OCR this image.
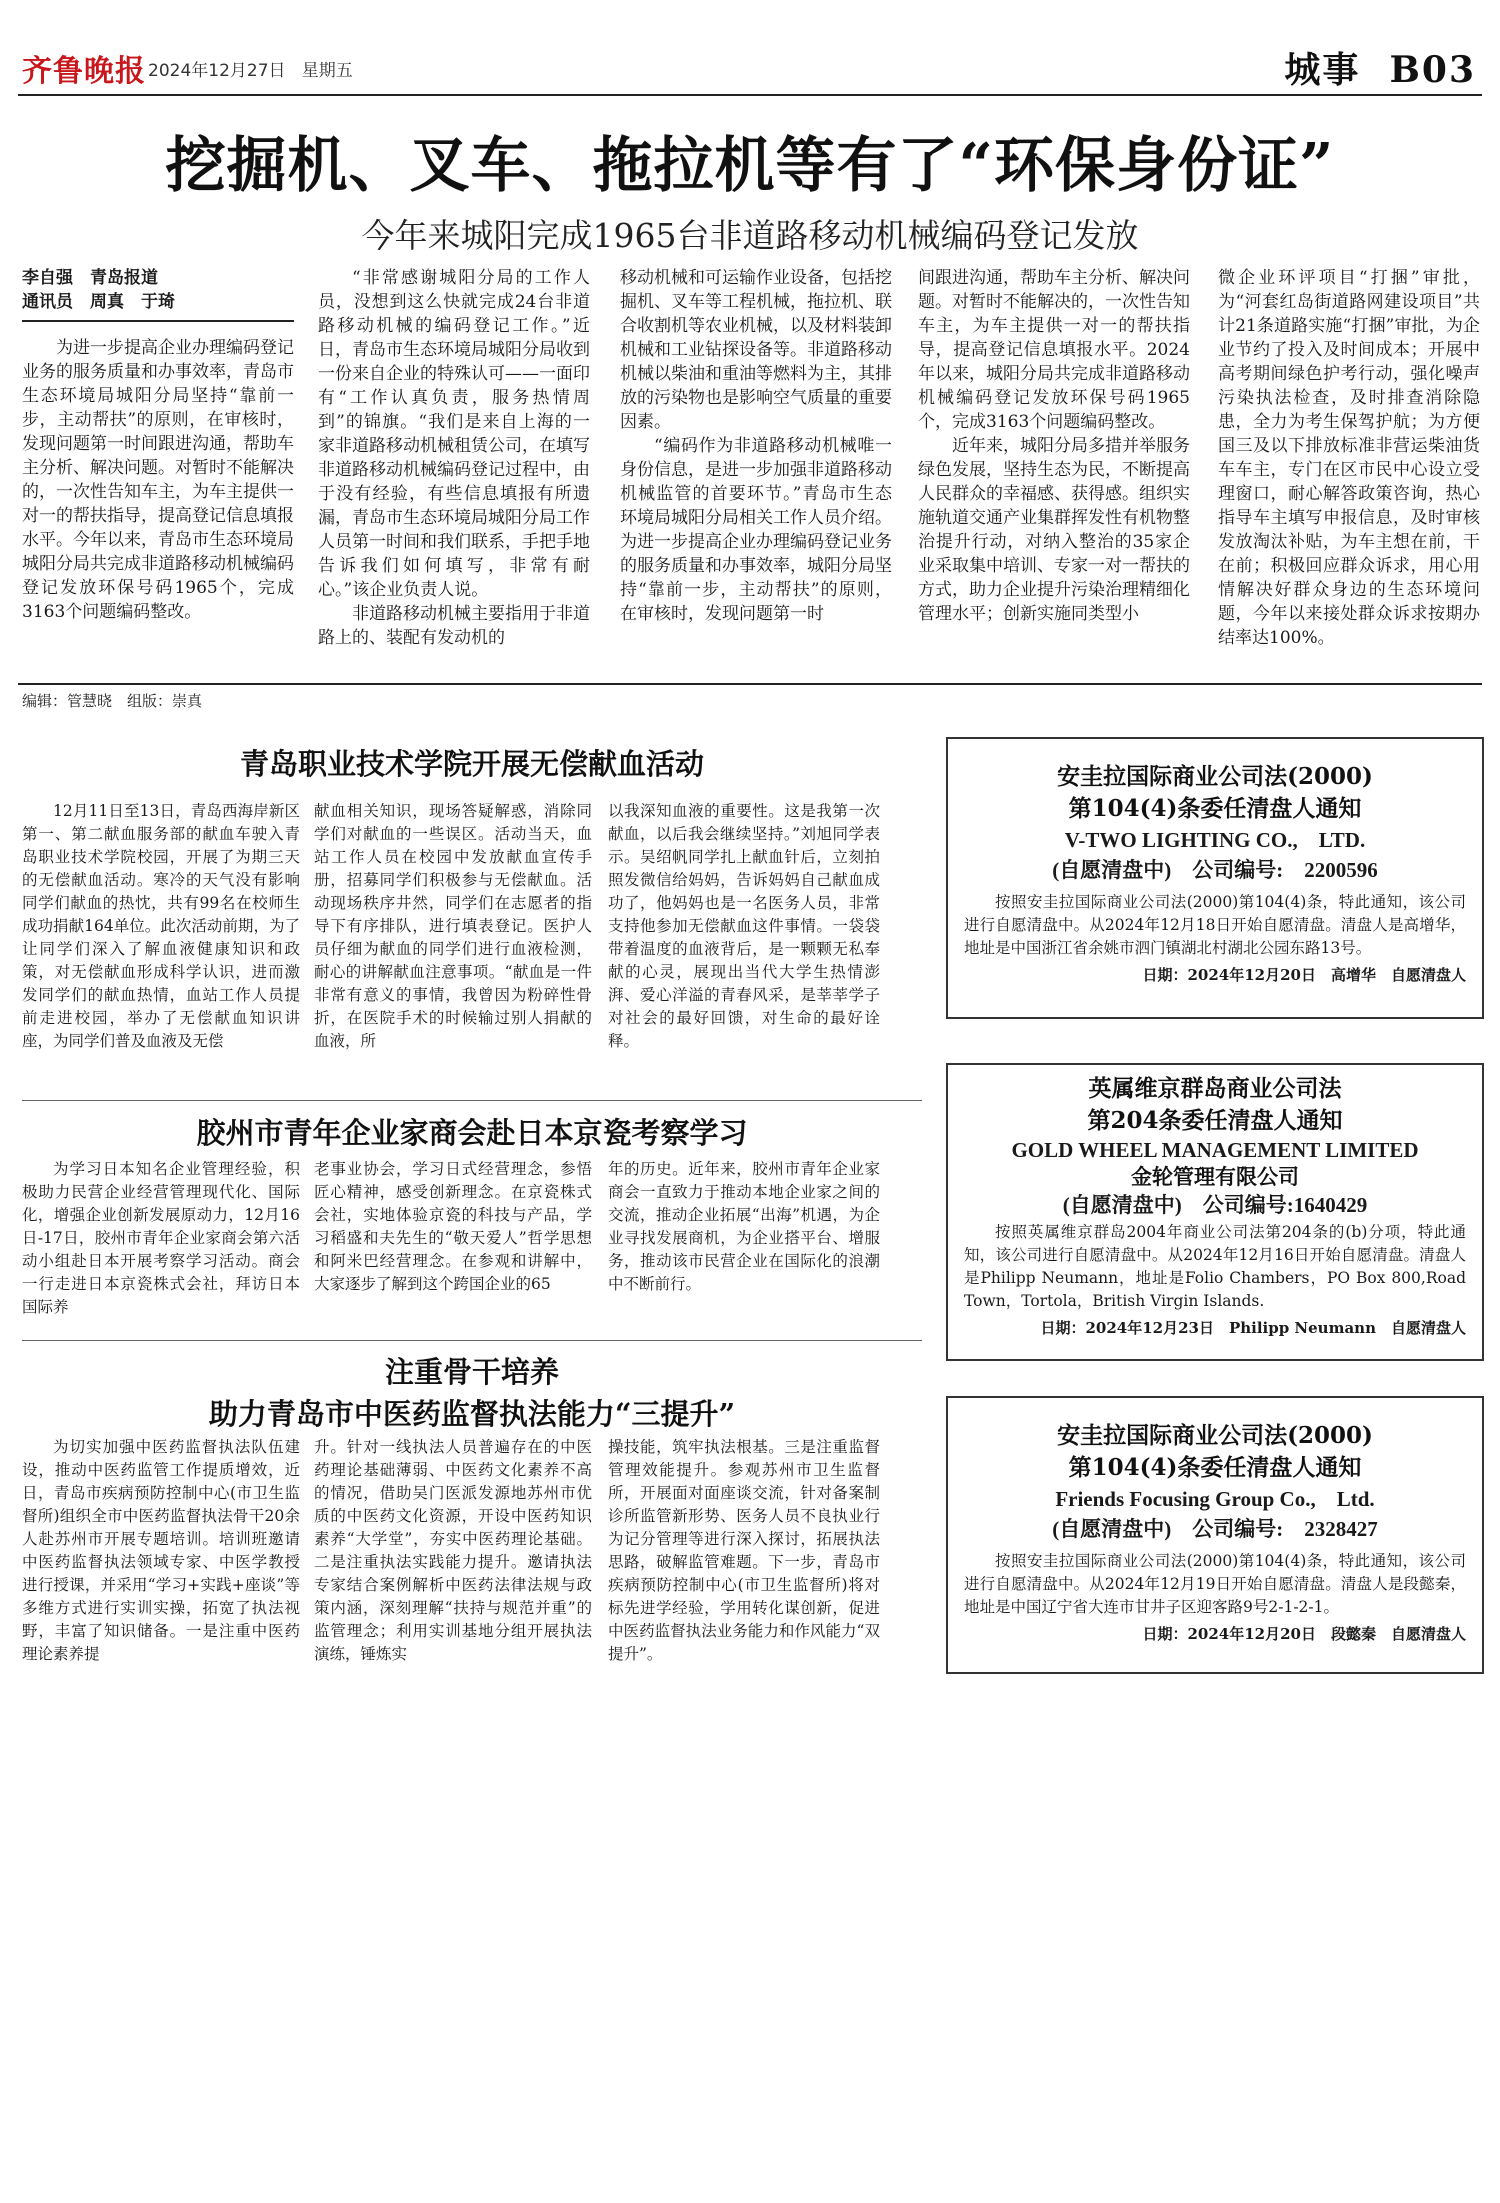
齐鲁晚报 2024年12月27日 星期五	城事 B03
挖掘机、叉车、拖拉机等有了“环保身份证”
今年来城阳完成1965台非道路移动机械编码登记发放
李自强　青岛报道
通讯员　周真　于琦

为进一步提高企业办理编码登记业务的服务质量和办事效率，青岛市生态环境局城阳分局坚持“靠前一步，主动帮扶”的原则，在审核时，发现问题第一时间跟进沟通，帮助车主分析、解决问题。对暂时不能解决的，一次性告知车主，为车主提供一对一的帮扶指导，提高登记信息填报水平。今年以来，青岛市生态环境局城阳分局共完成非道路移动机械编码登记发放环保号码1965个，完成3163个问题编码整改。

“非常感谢城阳分局的工作人员，没想到这么快就完成24台非道路移动机械的编码登记工作。”近日，青岛市生态环境局城阳分局收到一份来自企业的特殊认可——一面印有“工作认真负责，服务热情周到”的锦旗。“我们是来自上海的一家非道路移动机械租赁公司，在填写非道路移动机械编码登记过程中，由于没有经验，有些信息填报有所遗漏，青岛市生态环境局城阳分局工作人员第一时间和我们联系，手把手地告诉我们如何填写，非常有耐心。”该企业负责人说。

非道路移动机械主要指用于非道路上的、装配有发动机的

移动机械和可运输作业设备，包括挖掘机、叉车等工程机械，拖拉机、联合收割机等农业机械，以及材料装卸机械和工业钻探设备等。非道路移动机械以柴油和重油等燃料为主，其排放的污染物也是影响空气质量的重要因素。

“编码作为非道路移动机械唯一身份信息，是进一步加强非道路移动机械监管的首要环节。”青岛市生态环境局城阳分局相关工作人员介绍。为进一步提高企业办理编码登记业务的服务质量和办事效率，城阳分局坚持“靠前一步，主动帮扶”的原则，在审核时，发现问题第一时

间跟进沟通，帮助车主分析、解决问题。对暂时不能解决的，一次性告知车主，为车主提供一对一的帮扶指导，提高登记信息填报水平。2024年以来，城阳分局共完成非道路移动机械编码登记发放环保号码1965个，完成3163个问题编码整改。

近年来，城阳分局多措并举服务绿色发展，坚持生态为民，不断提高人民群众的幸福感、获得感。组织实施轨道交通产业集群挥发性有机物整治提升行动，对纳入整治的35家企业采取集中培训、专家一对一帮扶的方式，助力企业提升污染治理精细化管理水平；创新实施同类型小

微企业环评项目“打捆”审批，为“河套红岛街道路网建设项目”共计21条道路实施“打捆”审批，为企业节约了投入及时间成本；开展中高考期间绿色护考行动，强化噪声污染执法检查，及时排查消除隐患，全力为考生保驾护航；为方便国三及以下排放标准非营运柴油货车车主，专门在区市民中心设立受理窗口，耐心解答政策咨询，热心指导车主填写申报信息，及时审核发放淘汰补贴，为车主想在前，干在前；积极回应群众诉求，用心用情解决好群众身边的生态环境问题，今年以来接处群众诉求按期办结率达100%。

编辑：管慧晓　组版：崇真
青岛职业技术学院开展无偿献血活动

12月11日至13日，青岛西海岸新区第一、第二献血服务部的献血车驶入青岛职业技术学院校园，开展了为期三天的无偿献血活动。寒冷的天气没有影响同学们献血的热忱，共有99名在校师生成功捐献164单位。此次活动前期，为了让同学们深入了解血液健康知识和政策，对无偿献血形成科学认识，进而激发同学们的献血热情，血站工作人员提前走进校园，举办了无偿献血知识讲座，为同学们普及血液及无偿

献血相关知识，现场答疑解惑，消除同学们对献血的一些误区。活动当天，血站工作人员在校园中发放献血宣传手册，招募同学们积极参与无偿献血。活动现场秩序井然，同学们在志愿者的指导下有序排队，进行填表登记。医护人员仔细为献血的同学们进行血液检测，耐心的讲解献血注意事项。“献血是一件非常有意义的事情，我曾因为粉碎性骨折，在医院手术的时候输过别人捐献的血液，所

以我深知血液的重要性。这是我第一次献血，以后我会继续坚持。”刘旭同学表示。吴绍帆同学扎上献血针后，立刻拍照发微信给妈妈，告诉妈妈自己献血成功了，他妈妈也是一名医务人员，非常支持他参加无偿献血这件事情。一袋袋带着温度的血液背后，是一颗颗无私奉献的心灵，展现出当代大学生热情澎湃、爱心洋溢的青春风采，是莘莘学子对社会的最好回馈，对生命的最好诠释。

胶州市青年企业家商会赴日本京瓷考察学习

为学习日本知名企业管理经验，积极助力民营企业经营管理现代化、国际化，增强企业创新发展原动力，12月16日-17日，胶州市青年企业家商会第六活动小组赴日本开展考察学习活动。商会一行走进日本京瓷株式会社，拜访日本国际养

老事业协会，学习日式经营理念，参悟匠心精神，感受创新理念。在京瓷株式会社，实地体验京瓷的科技与产品，学习稻盛和夫先生的“敬天爱人”哲学思想和阿米巴经营理念。在参观和讲解中，大家逐步了解到这个跨国企业的65

年的历史。近年来，胶州市青年企业家商会一直致力于推动本地企业家之间的交流，推动企业拓展“出海”机遇，为企业寻找发展商机，为企业搭平台、增服务，推动该市民营企业在国际化的浪潮中不断前行。

注重骨干培养
助力青岛市中医药监督执法能力“三提升”

为切实加强中医药监督执法队伍建设，推动中医药监管工作提质增效，近日，青岛市疾病预防控制中心(市卫生监督所)组织全市中医药监督执法骨干20余人赴苏州市开展专题培训。培训班邀请中医药监督执法领域专家、中医学教授进行授课，并采用“学习+实践+座谈”等多维方式进行实训实操，拓宽了执法视野，丰富了知识储备。一是注重中医药理论素养提

升。针对一线执法人员普遍存在的中医药理论基础薄弱、中医药文化素养不高的情况，借助吴门医派发源地苏州市优质的中医药文化资源，开设中医药知识素养“大学堂”，夯实中医药理论基础。二是注重执法实践能力提升。邀请执法专家结合案例解析中医药法律法规与政策内涵，深刻理解“扶持与规范并重”的监管理念；利用实训基地分组开展执法演练，锤炼实

操技能，筑牢执法根基。三是注重监督管理效能提升。参观苏州市卫生监督所，开展面对面座谈交流，针对备案制诊所监管新形势、医务人员不良执业行为记分管理等进行深入探讨，拓展执法思路，破解监管难题。下一步，青岛市疾病预防控制中心(市卫生监督所)将对标先进学经验，学用转化谋创新，促进中医药监督执法业务能力和作风能力“双提升”。

安圭拉国际商业公司法(2000)
第104(4)条委任清盘人通知
V-TWO LIGHTING CO.,　LTD.
(自愿清盘中)　公司编号:　2200596
按照安圭拉国际商业公司法(2000)第104(4)条，特此通知，该公司进行自愿清盘中。从2024年12月18日开始自愿清盘。清盘人是高增华，地址是中国浙江省余姚市泗门镇湖北村湖北公园东路13号。
日期：2024年12月20日　高增华　自愿清盘人
英属维京群岛商业公司法
第204条委任清盘人通知
GOLD WHEEL MANAGEMENT LIMITED
金轮管理有限公司
(自愿清盘中)　公司编号:1640429
按照英属维京群岛2004年商业公司法第204条的(b)分项，特此通知，该公司进行自愿清盘中。从2024年12月16日开始自愿清盘。清盘人是Philipp Neumann，地址是Folio Chambers，PO Box 800,Road Town，Tortola，British Virgin Islands.
日期：2024年12月23日　Philipp Neumann　自愿清盘人
安圭拉国际商业公司法(2000)
第104(4)条委任清盘人通知
Friends Focusing Group Co.,　Ltd.
(自愿清盘中)　公司编号:　2328427
按照安圭拉国际商业公司法(2000)第104(4)条，特此通知，该公司进行自愿清盘中。从2024年12月19日开始自愿清盘。清盘人是段懿秦，地址是中国辽宁省大连市甘井子区迎客路9号2-1-2-1。
日期：2024年12月20日　段懿秦　自愿清盘人
